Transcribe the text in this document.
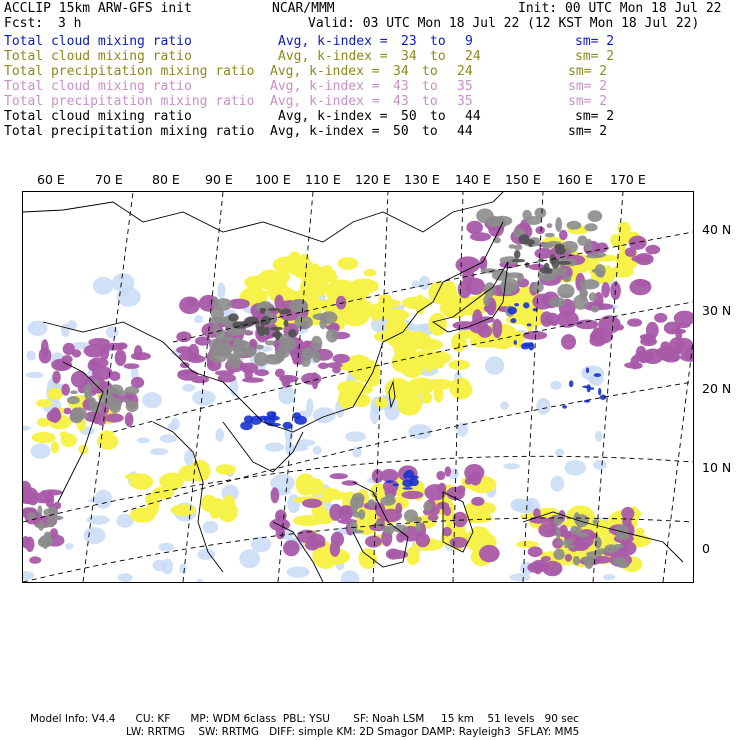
ACCLIP 15km ARW-GFS init	NCAR/MMM	Init: 00 UTC Mon 18 Jul 22
Fcst: 3 h	Valid: 03 UTC Mon 18 Jul 22 (12 KST Mon 18 Jul 22)
Total cloud mixing ratio	Avg, k-index = 23 to 9	sm= 2
Total cloud mixing ratio	Avg, k-index = 34 to 24	sm= 2
Total precipitation mixing ratio Avg, k-index = 34 to 24	sm= 2
Total cloud mixing ratio	Avg, k-index = 43 to 35	sm= 2
Total precipitation mixing ratio Avg, k-index = 43 to 35	sm= 2
Total cloud mixing ratio	Avg, k-index = 50 to 44	sm= 2
Total precipitation mixing ratio Avg, k-index = 50 to 44	sm= 2
60 E 70 E 80 E 90 E 100 E 110 E 120 E 130 E 140 E 150 E 160 E 170 E
40 N
30 N
20 N
10 N
0
Model Info: V4.4      CU: KF      MP: WDM 6class  PBL: YSU       SF: Noah LSM     15 km    51 levels   90 sec
LW: RRTMG    SW: RRTMG   DIFF: simple KM: 2D Smagor DAMP: Rayleigh3  SFLAY: MM5
